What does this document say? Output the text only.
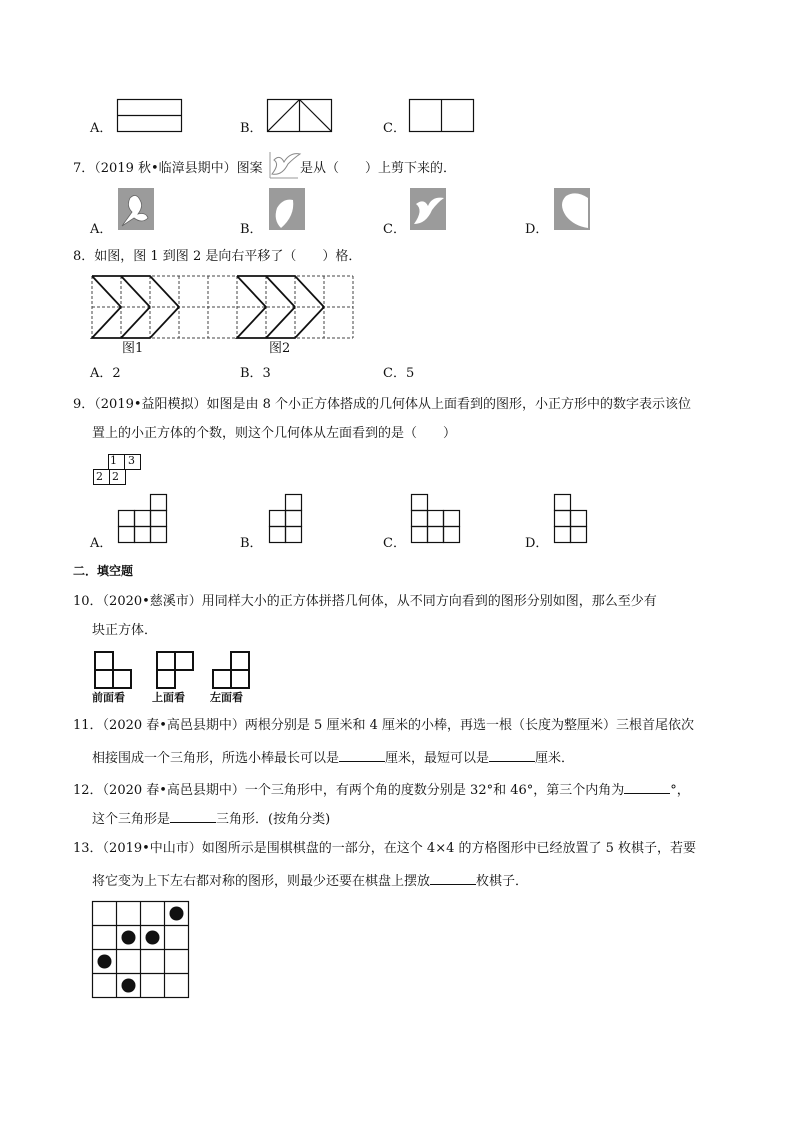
A．	B．	C．
7．（2019 秋•临漳县期中）图案	是从（　　）上剪下来的．
A．	B．	C．	D．
8．如图，图 1 到图 2 是向右平移了（　　）格．
图1	图2
A．2	B．3	C．5
9．（2019•益阳模拟）如图是由 8 个小正方体搭成的几何体从上面看到的图形，小正方形中的数字表示该位
置上的小正方体的个数，则这个几何体从左面看到的是（　　）
1 3
2 2
A．	B．	C．	D．
二．填空题
10．（2020•慈溪市）用同样大小的正方体拼搭几何体，从不同方向看到的图形分别如图，那么至少有
块正方体．
前面看 上面看 左面看
11．（2020 春•高邑县期中）两根分别是 5 厘米和 4 厘米的小棒，再选一根（长度为整厘米）三根首尾依次
相接围成一个三角形，所选小棒最长可以是	厘米，最短可以是	厘米．
12．（2020 春•高邑县期中）一个三角形中，有两个角的度数分别是 32°和 46°，第三个内角为	°，
这个三角形是	三角形．(按角分类)
13．（2019•中山市）如图所示是围棋棋盘的一部分，在这个 4×4 的方格图形中已经放置了 5 枚棋子，若要
将它变为上下左右都对称的图形，则最少还要在棋盘上摆放	枚棋子．
